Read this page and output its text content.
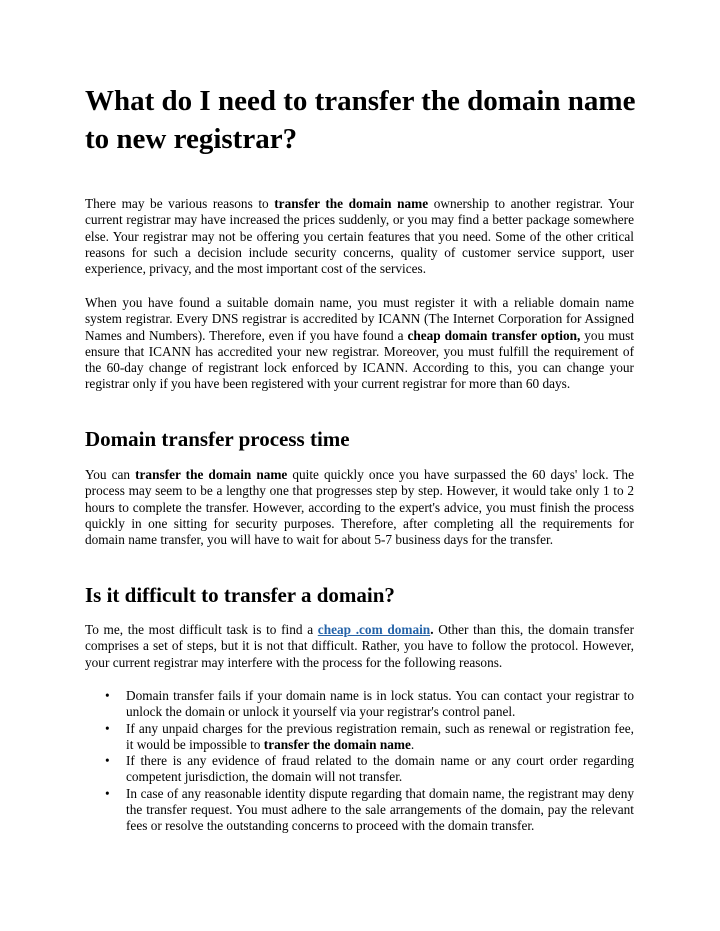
What do I need to transfer the domain name to new registrar?

There may be various reasons to transfer the domain name ownership to another registrar. Your current registrar may have increased the prices suddenly, or you may find a better package somewhere else. Your registrar may not be offering you certain features that you need. Some of the other critical reasons for such a decision include security concerns, quality of customer service support, user experience, privacy, and the most important cost of the services.

When you have found a suitable domain name, you must register it with a reliable domain name system registrar. Every DNS registrar is accredited by ICANN (The Internet Corporation for Assigned Names and Numbers). Therefore, even if you have found a cheap domain transfer option, you must ensure that ICANN has accredited your new registrar. Moreover, you must fulfill the requirement of the 60-day change of registrant lock enforced by ICANN. According to this, you can change your registrar only if you have been registered with your current registrar for more than 60 days.

Domain transfer process time

You can transfer the domain name quite quickly once you have surpassed the 60 days' lock. The process may seem to be a lengthy one that progresses step by step. However, it would take only 1 to 2 hours to complete the transfer. However, according to the expert's advice, you must finish the process quickly in one sitting for security purposes. Therefore, after completing all the requirements for domain name transfer, you will have to wait for about 5-7 business days for the transfer.

Is it difficult to transfer a domain?

To me, the most difficult task is to find a cheap .com domain. Other than this, the domain transfer comprises a set of steps, but it is not that difficult. Rather, you have to follow the protocol. However, your current registrar may interfere with the process for the following reasons.

• Domain transfer fails if your domain name is in lock status. You can contact your registrar to unlock the domain or unlock it yourself via your registrar's control panel.
• If any unpaid charges for the previous registration remain, such as renewal or registration fee, it would be impossible to transfer the domain name.
• If there is any evidence of fraud related to the domain name or any court order regarding competent jurisdiction, the domain will not transfer.
• In case of any reasonable identity dispute regarding that domain name, the registrant may deny the transfer request. You must adhere to the sale arrangements of the domain, pay the relevant fees or resolve the outstanding concerns to proceed with the domain transfer.
